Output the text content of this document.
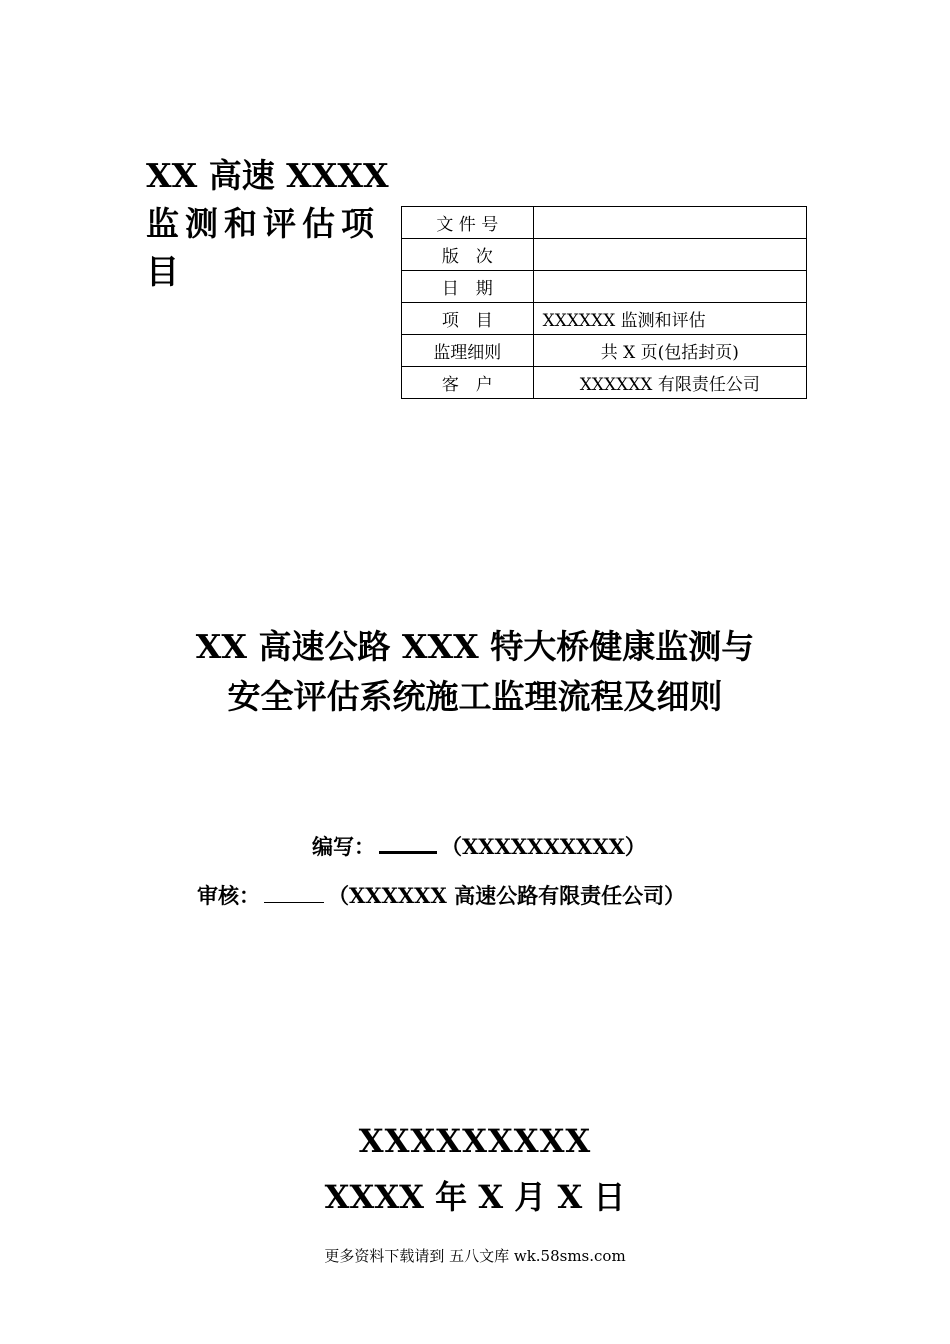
XX 高速 XXXX
监测和评估项
目
文 件 号	
版　次	
日　期	
项　目	XXXXXX 监测和评估
监理细则	共 X 页(包括封页)
客　户	XXXXXX 有限责任公司
XX 高速公路 XXX 特大桥健康监测与
安全评估系统施工监理流程及细则
编写：	（XXXXXXXXXX）
审核：	（XXXXXX 高速公路有限责任公司）

XXXXXXXXX

XXXX 年 X 月 X 日

更多资料下载请到 五八文库 wk.58sms.com
